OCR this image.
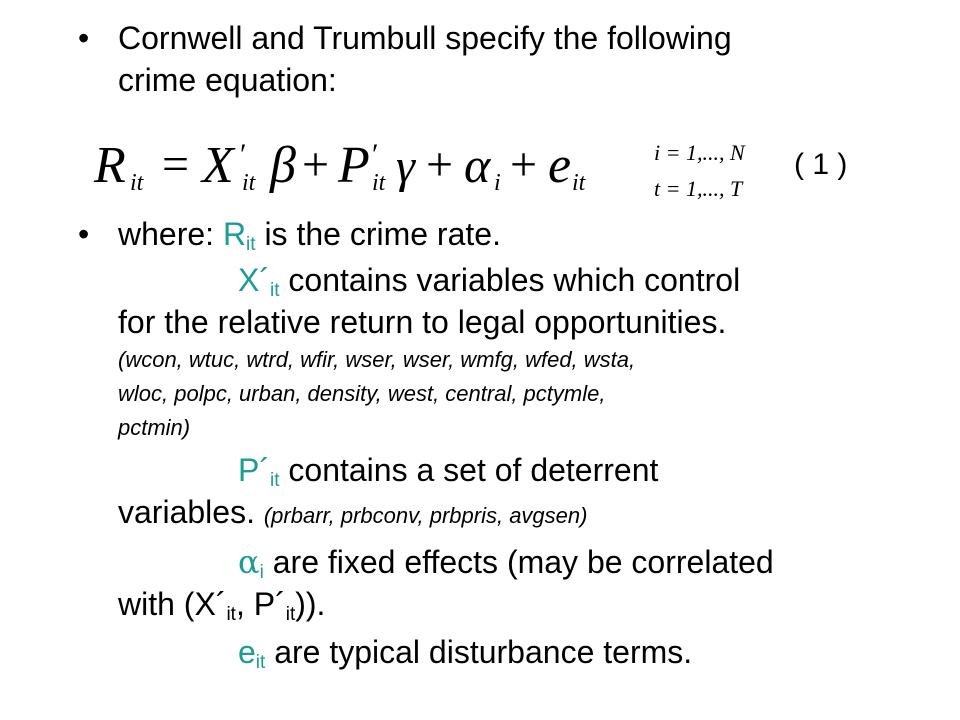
• Cornwell and Trumbull specify the following
crime equation:
R it = X ′
it β + P ′
it γ + α i + e it
i = 1,..., N
t = 1,..., T
( 1 )
• where: $R_{it}$ is the crime rate.
$X´_{it}$ contains variables which control
for the relative return to legal opportunities.
(wcon, wtuc, wtrd, wfir, wser, wser, wmfg, wfed, wsta,
wloc, polpc, urban, density, west, central, pctymle,
pctmin)
$P´_{it}$ contains a set of deterrent
variables. (prbarr, prbconv, prbpris, avgsen)
$\alpha_i$ are fixed effects (may be correlated
with ($X´_{it}$, $P´_{it}$)).
$e_{it}$ are typical disturbance terms.
